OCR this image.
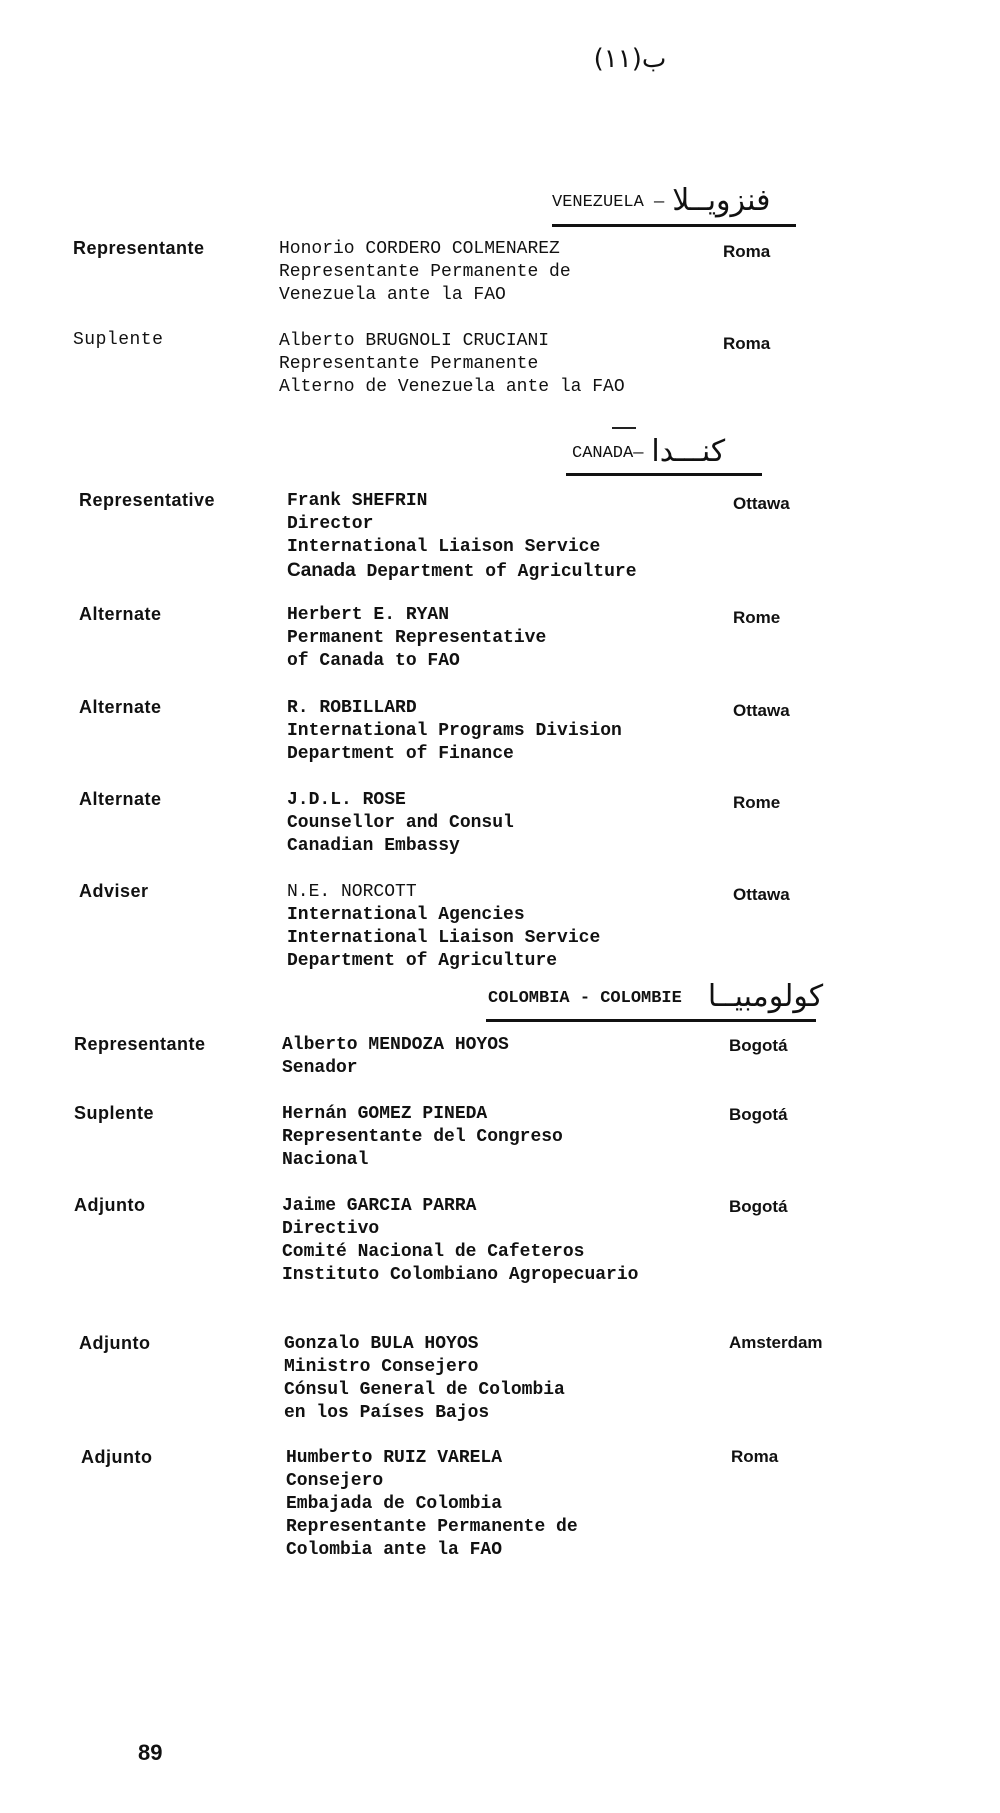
ب(١١)
VENEZUELA — فنزويــلا
Representante	Honorio CORDERO COLMENAREZ
Representante Permanente de
Venezuela ante la FAO
Roma
Suplente	Alberto BRUGNOLI CRUCIANI
Representante Permanente
Alterno de Venezuela ante la FAO
Roma
CANADA— كنـــدا
Representative	Frank SHEFRIN
Director
International Liaison Service
Canada Department of Agriculture
Ottawa
Alternate	Herbert E. RYAN
Permanent Representative
of Canada to FAO
Rome
Alternate	R. ROBILLARD
International Programs Division
Department of Finance
Ottawa
Alternate	J.D.L. ROSE
Counsellor and Consul
Canadian Embassy
Rome
Adviser	N.E. NORCOTT
International Agencies
International Liaison Service
Department of Agriculture
Ottawa
COLOMBIA - COLOMBIE كولومبيــا
Representante	Alberto MENDOZA HOYOS
Senador
Bogotá
Suplente	Hernán GOMEZ PINEDA
Representante del Congreso
Nacional
Bogotá
Adjunto	Jaime GARCIA PARRA
Directivo
Comité Nacional de Cafeteros
Instituto Colombiano Agropecuario
Bogotá
Adjunto	Gonzalo BULA HOYOS
Ministro Consejero
Cónsul General de Colombia
en los Países Bajos
Amsterdam
Adjunto	Humberto RUIZ VARELA
Consejero
Embajada de Colombia
Representante Permanente de
Colombia ante la FAO
Roma
89
